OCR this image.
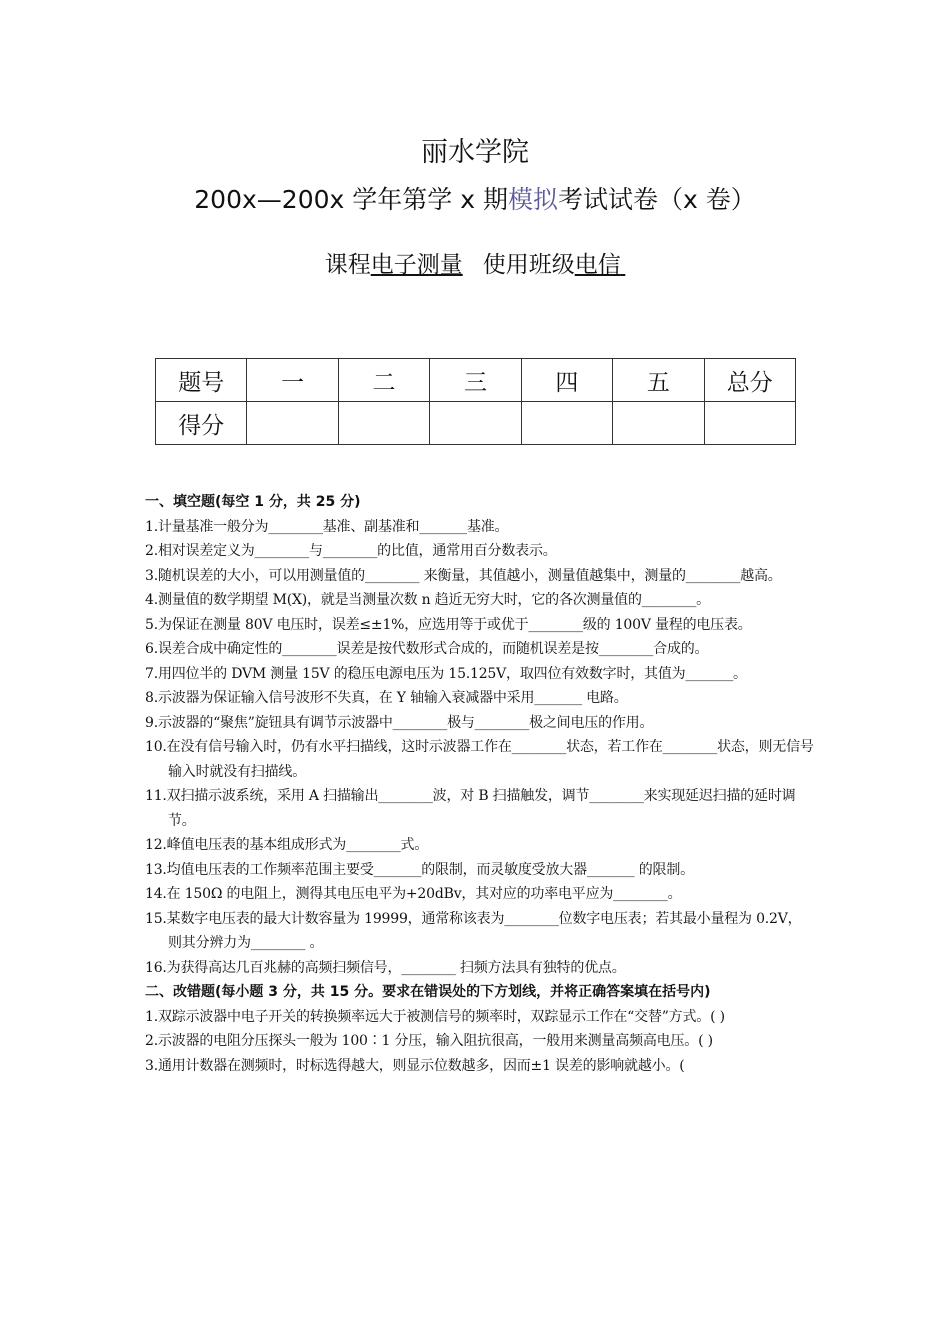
丽水学院
200x—200x 学年第学 x 期模拟考试试卷（x 卷）
课程电子测量 使用班级电信 
题号	一	二	三	四	五	总分
得分						
一、填空题(每空 1 分，共 25 分)
1.计量基准一般分为________基准、副基准和_______基准。
2.相对误差定义为________与________的比值，通常用百分数表示。
3.随机误差的大小，可以用测量值的________ 来衡量，其值越小，测量值越集中，测量的________越高。
4.测量值的数学期望 M(Χ)，就是当测量次数 n 趋近无穷大时，它的各次测量值的________。
5.为保证在测量 80V 电压时，误差≤±1%，应选用等于或优于________级的 100V 量程的电压表。
6.误差合成中确定性的________误差是按代数形式合成的，而随机误差是按________合成的。
7.用四位半的 DVM 测量 15V 的稳压电源电压为 15.125V，取四位有效数字时，其值为_______。
8.示波器为保证输入信号波形不失真，在 Y 轴输入衰减器中采用_______ 电路。
9.示波器的“聚焦”旋钮具有调节示波器中________极与________极之间电压的作用。
10.在没有信号输入时，仍有水平扫描线，这时示波器工作在________状态，若工作在________状态，则无信号输入时就没有扫描线。
11.双扫描示波系统，采用 A 扫描输出________波，对 B 扫描触发，调节________来实现延迟扫描的延时调节。
12.峰值电压表的基本组成形式为________式。
13.均值电压表的工作频率范围主要受_______的限制，而灵敏度受放大器_______ 的限制。
14.在 150Ω 的电阻上，测得其电压电平为+20dBv，其对应的功率电平应为________。
15.某数字电压表的最大计数容量为 19999，通常称该表为________位数字电压表；若其最小量程为 0.2V，则其分辨力为________ 。
16.为获得高达几百兆赫的高频扫频信号，________ 扫频方法具有独特的优点。
二、改错题(每小题 3 分，共 15 分。要求在错误处的下方划线，并将正确答案填在括号内)
1.双踪示波器中电子开关的转换频率远大于被测信号的频率时，双踪显示工作在“交替”方式。( )
2.示波器的电阻分压探头一般为 100∶1 分压，输入阻抗很高，一般用来测量高频高电压。( )
3.通用计数器在测频时，时标选得越大，则显示位数越多，因而±1 误差的影响就越小。(
